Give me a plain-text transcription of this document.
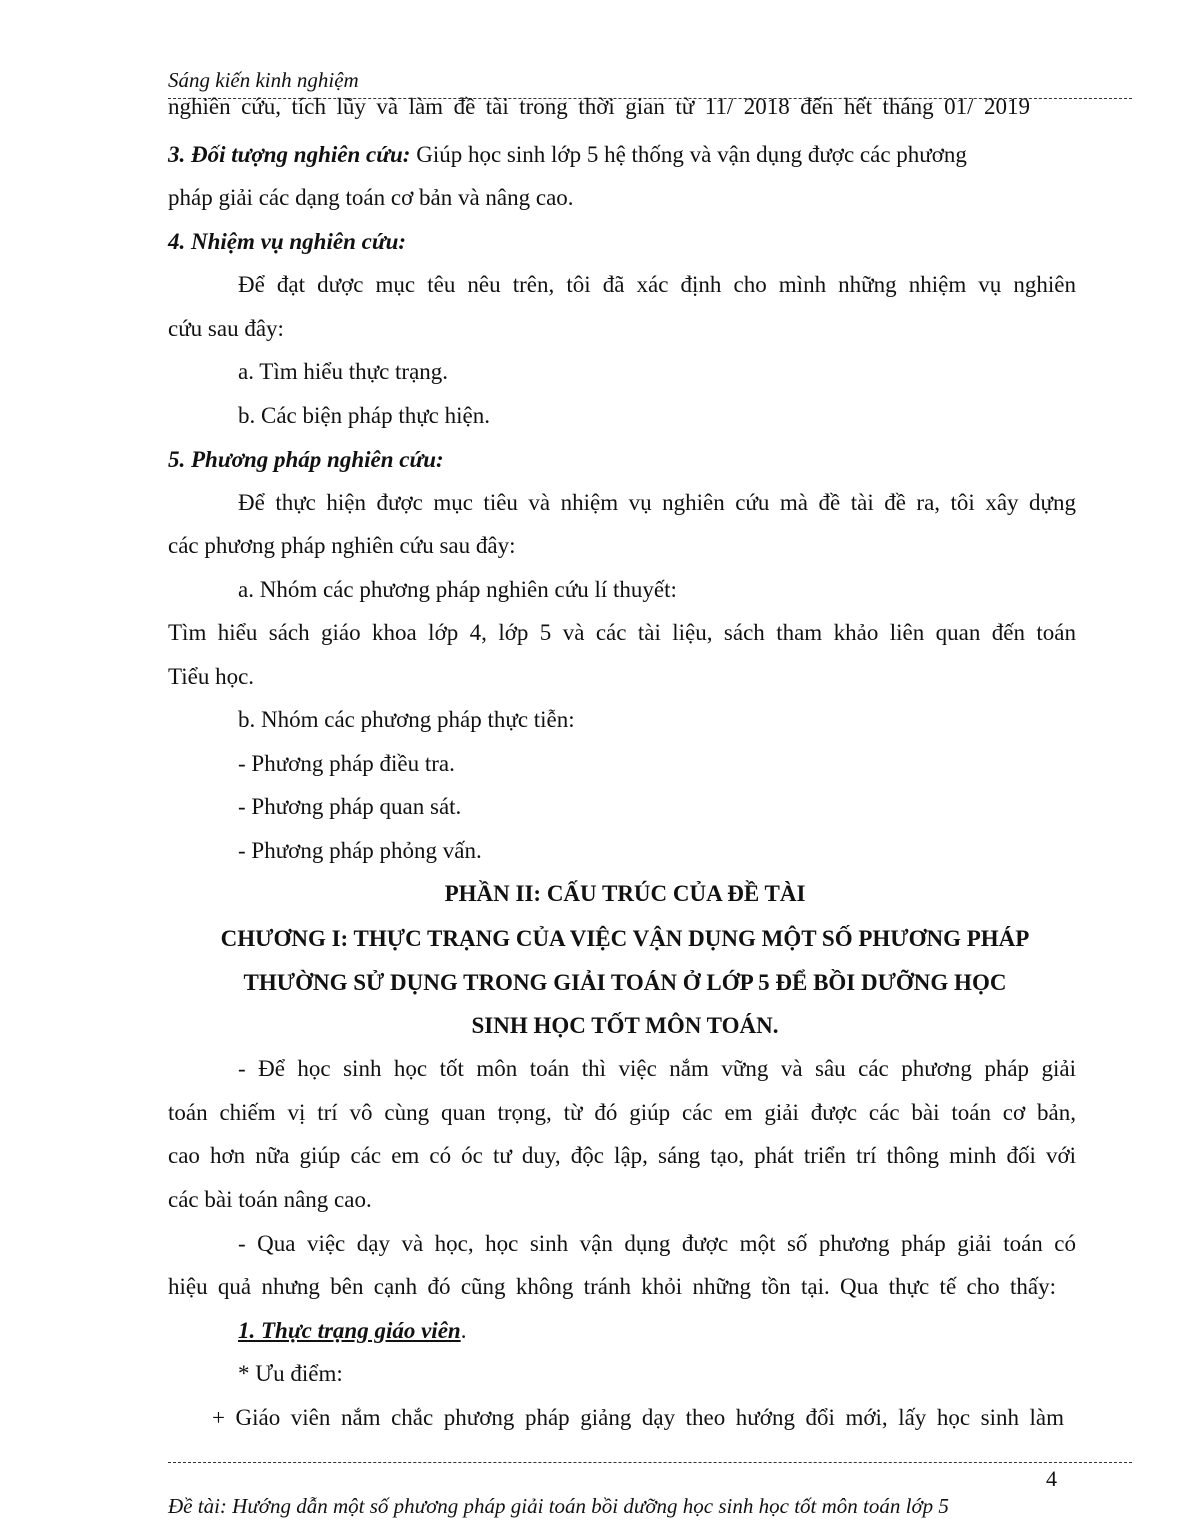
Sáng kiến kinh nghiệm
nghiên cứu, tích lũy và làm đề tài trong thời gian từ 11/ 2018 đến hết tháng 01/ 2019
3. Đối tượng nghiên cứu: Giúp học sinh lớp 5 hệ thống và vận dụng được các phương
pháp giải các dạng toán cơ bản và nâng cao.
4. Nhiệm vụ nghiên cứu:
Để đạt dược mục têu nêu trên, tôi đã xác định cho mình những nhiệm vụ nghiên
cứu sau đây:
a. Tìm hiểu thực trạng.
b. Các biện pháp thực hiện.
5. Phương pháp nghiên cứu:
Để thực hiện được mục tiêu và nhiệm vụ nghiên cứu mà đề tài đề ra, tôi xây dựng
các phương pháp nghiên cứu sau đây:
a. Nhóm các phương pháp nghiên cứu lí thuyết:
Tìm hiểu sách giáo khoa lớp 4, lớp 5 và các tài liệu, sách tham khảo liên quan đến toán
Tiểu học.
b. Nhóm các phương pháp thực tiễn:
- Phương pháp điều tra.
- Phương pháp quan sát.
- Phương pháp phỏng vấn.
PHẦN II: CẤU TRÚC CỦA ĐỀ TÀI
CHƯƠNG I: THỰC TRẠNG CỦA VIỆC VẬN DỤNG MỘT SỐ PHƯƠNG PHÁP
THƯỜNG SỬ DỤNG TRONG GIẢI TOÁN Ở LỚP 5 ĐỂ BỒI DƯỠNG HỌC
SINH HỌC TỐT MÔN TOÁN.
- Để học sinh học tốt môn toán thì việc nắm vững và sâu các phương pháp giải
toán chiếm vị trí vô cùng quan trọng, từ đó giúp các em giải được các bài toán cơ bản,
cao hơn nữa giúp các em có óc tư duy, độc lập, sáng tạo, phát triển trí thông minh đối với
các bài toán nâng cao.
- Qua việc dạy và học, học sinh vận dụng được một số phương pháp giải toán có
hiệu quả nhưng bên cạnh đó cũng không tránh khỏi những tồn tại. Qua thực tế cho thấy:
1. Thực trạng giáo viên.
* Ưu điểm:
+ Giáo viên nắm chắc phương pháp giảng dạy theo hướng đổi mới, lấy học sinh làm
4
Đề tài: Hướng dẫn một số phương pháp giải toán bồi dưỡng học sinh học tốt môn toán lớp 5
